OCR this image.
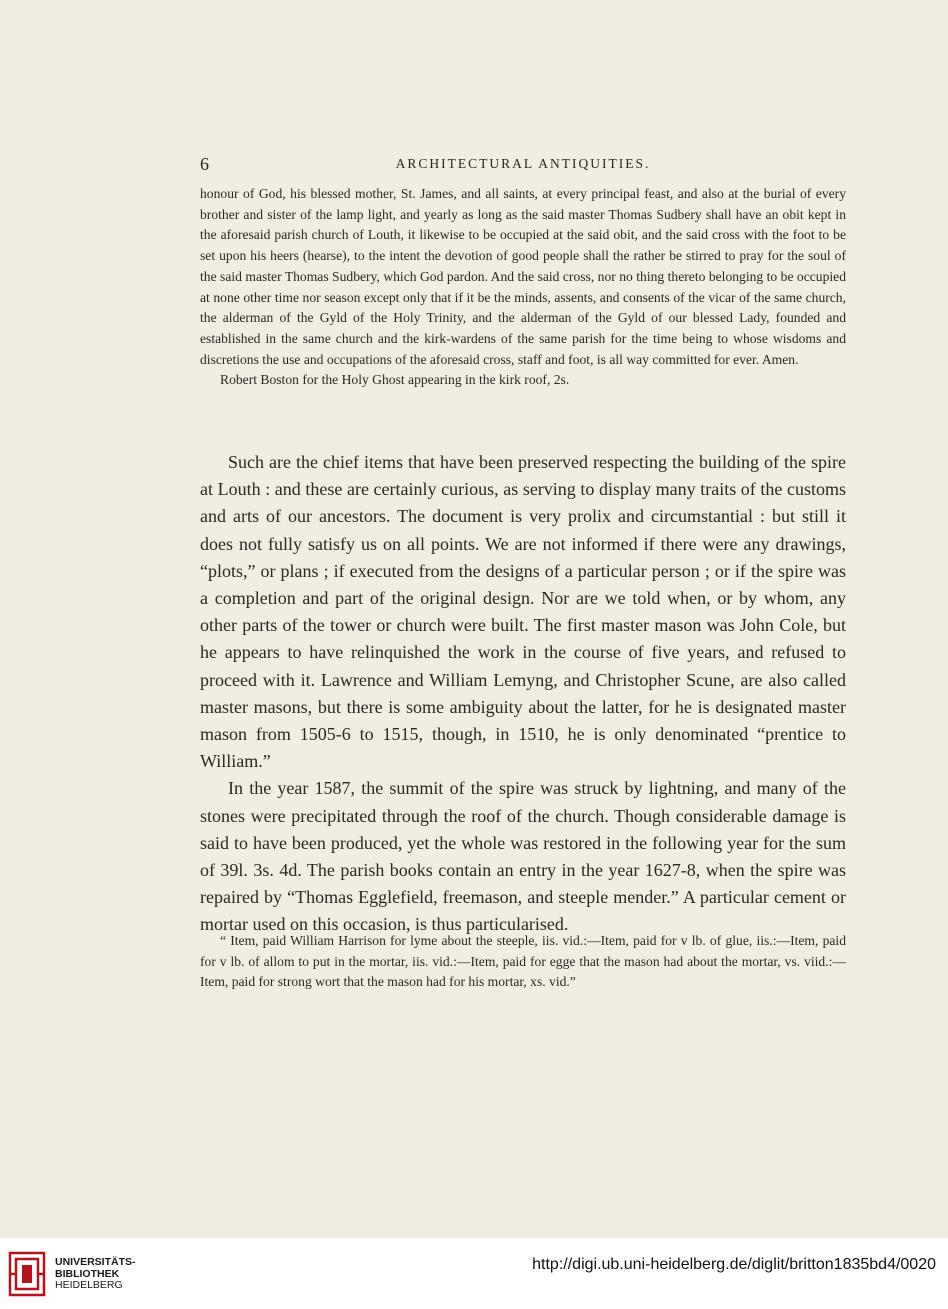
6	ARCHITECTURAL ANTIQUITIES.

honour of God, his blessed mother, St. James, and all saints, at every principal feast, and also at the burial of every brother and sister of the lamp light, and yearly as long as the said master Thomas Sudbery shall have an obit kept in the aforesaid parish church of Louth, it likewise to be occupied at the said obit, and the said cross with the foot to be set upon his heers (hearse), to the intent the devotion of good people shall the rather be stirred to pray for the soul of the said master Thomas Sudbery, which God pardon. And the said cross, nor no thing thereto belonging to be occupied at none other time nor season except only that if it be the minds, assents, and consents of the vicar of the same church, the alderman of the Gyld of the Holy Trinity, and the alderman of the Gyld of our blessed Lady, founded and established in the same church and the kirk-wardens of the same parish for the time being to whose wisdoms and discretions the use and occupations of the aforesaid cross, staff and foot, is all way committed for ever. Amen.

Robert Boston for the Holy Ghost appearing in the kirk roof, 2s.

Such are the chief items that have been preserved respecting the building of the spire at Louth : and these are certainly curious, as serving to display many traits of the customs and arts of our ancestors. The document is very prolix and circumstantial : but still it does not fully satisfy us on all points. We are not informed if there were any drawings, “plots,” or plans ; if executed from the designs of a particular person ; or if the spire was a completion and part of the original design. Nor are we told when, or by whom, any other parts of the tower or church were built. The first master mason was John Cole, but he appears to have relinquished the work in the course of five years, and refused to proceed with it. Lawrence and William Lemyng, and Christopher Scune, are also called master masons, but there is some ambiguity about the latter, for he is designated master mason from 1505-6 to 1515, though, in 1510, he is only denominated “prentice to William.”

In the year 1587, the summit of the spire was struck by lightning, and many of the stones were precipitated through the roof of the church. Though considerable damage is said to have been produced, yet the whole was restored in the following year for the sum of 39l. 3s. 4d. The parish books contain an entry in the year 1627-8, when the spire was repaired by “Thomas Egglefield, freemason, and steeple mender.” A particular cement or mortar used on this occasion, is thus particularised.

“ Item, paid William Harrison for lyme about the steeple, iis. vid.:—Item, paid for v lb. of glue, iis.:—Item, paid for v lb. of allom to put in the mortar, iis. vid.:—Item, paid for egge that the mason had about the mortar, vs. viid.:—Item, paid for strong wort that the mason had for his mortar, xs. vid.”

UNIVERSITÄTS-
BIBLIOTHEK
HEIDELBERG
http://digi.ub.uni-heidelberg.de/diglit/britton1835bd4/0020
